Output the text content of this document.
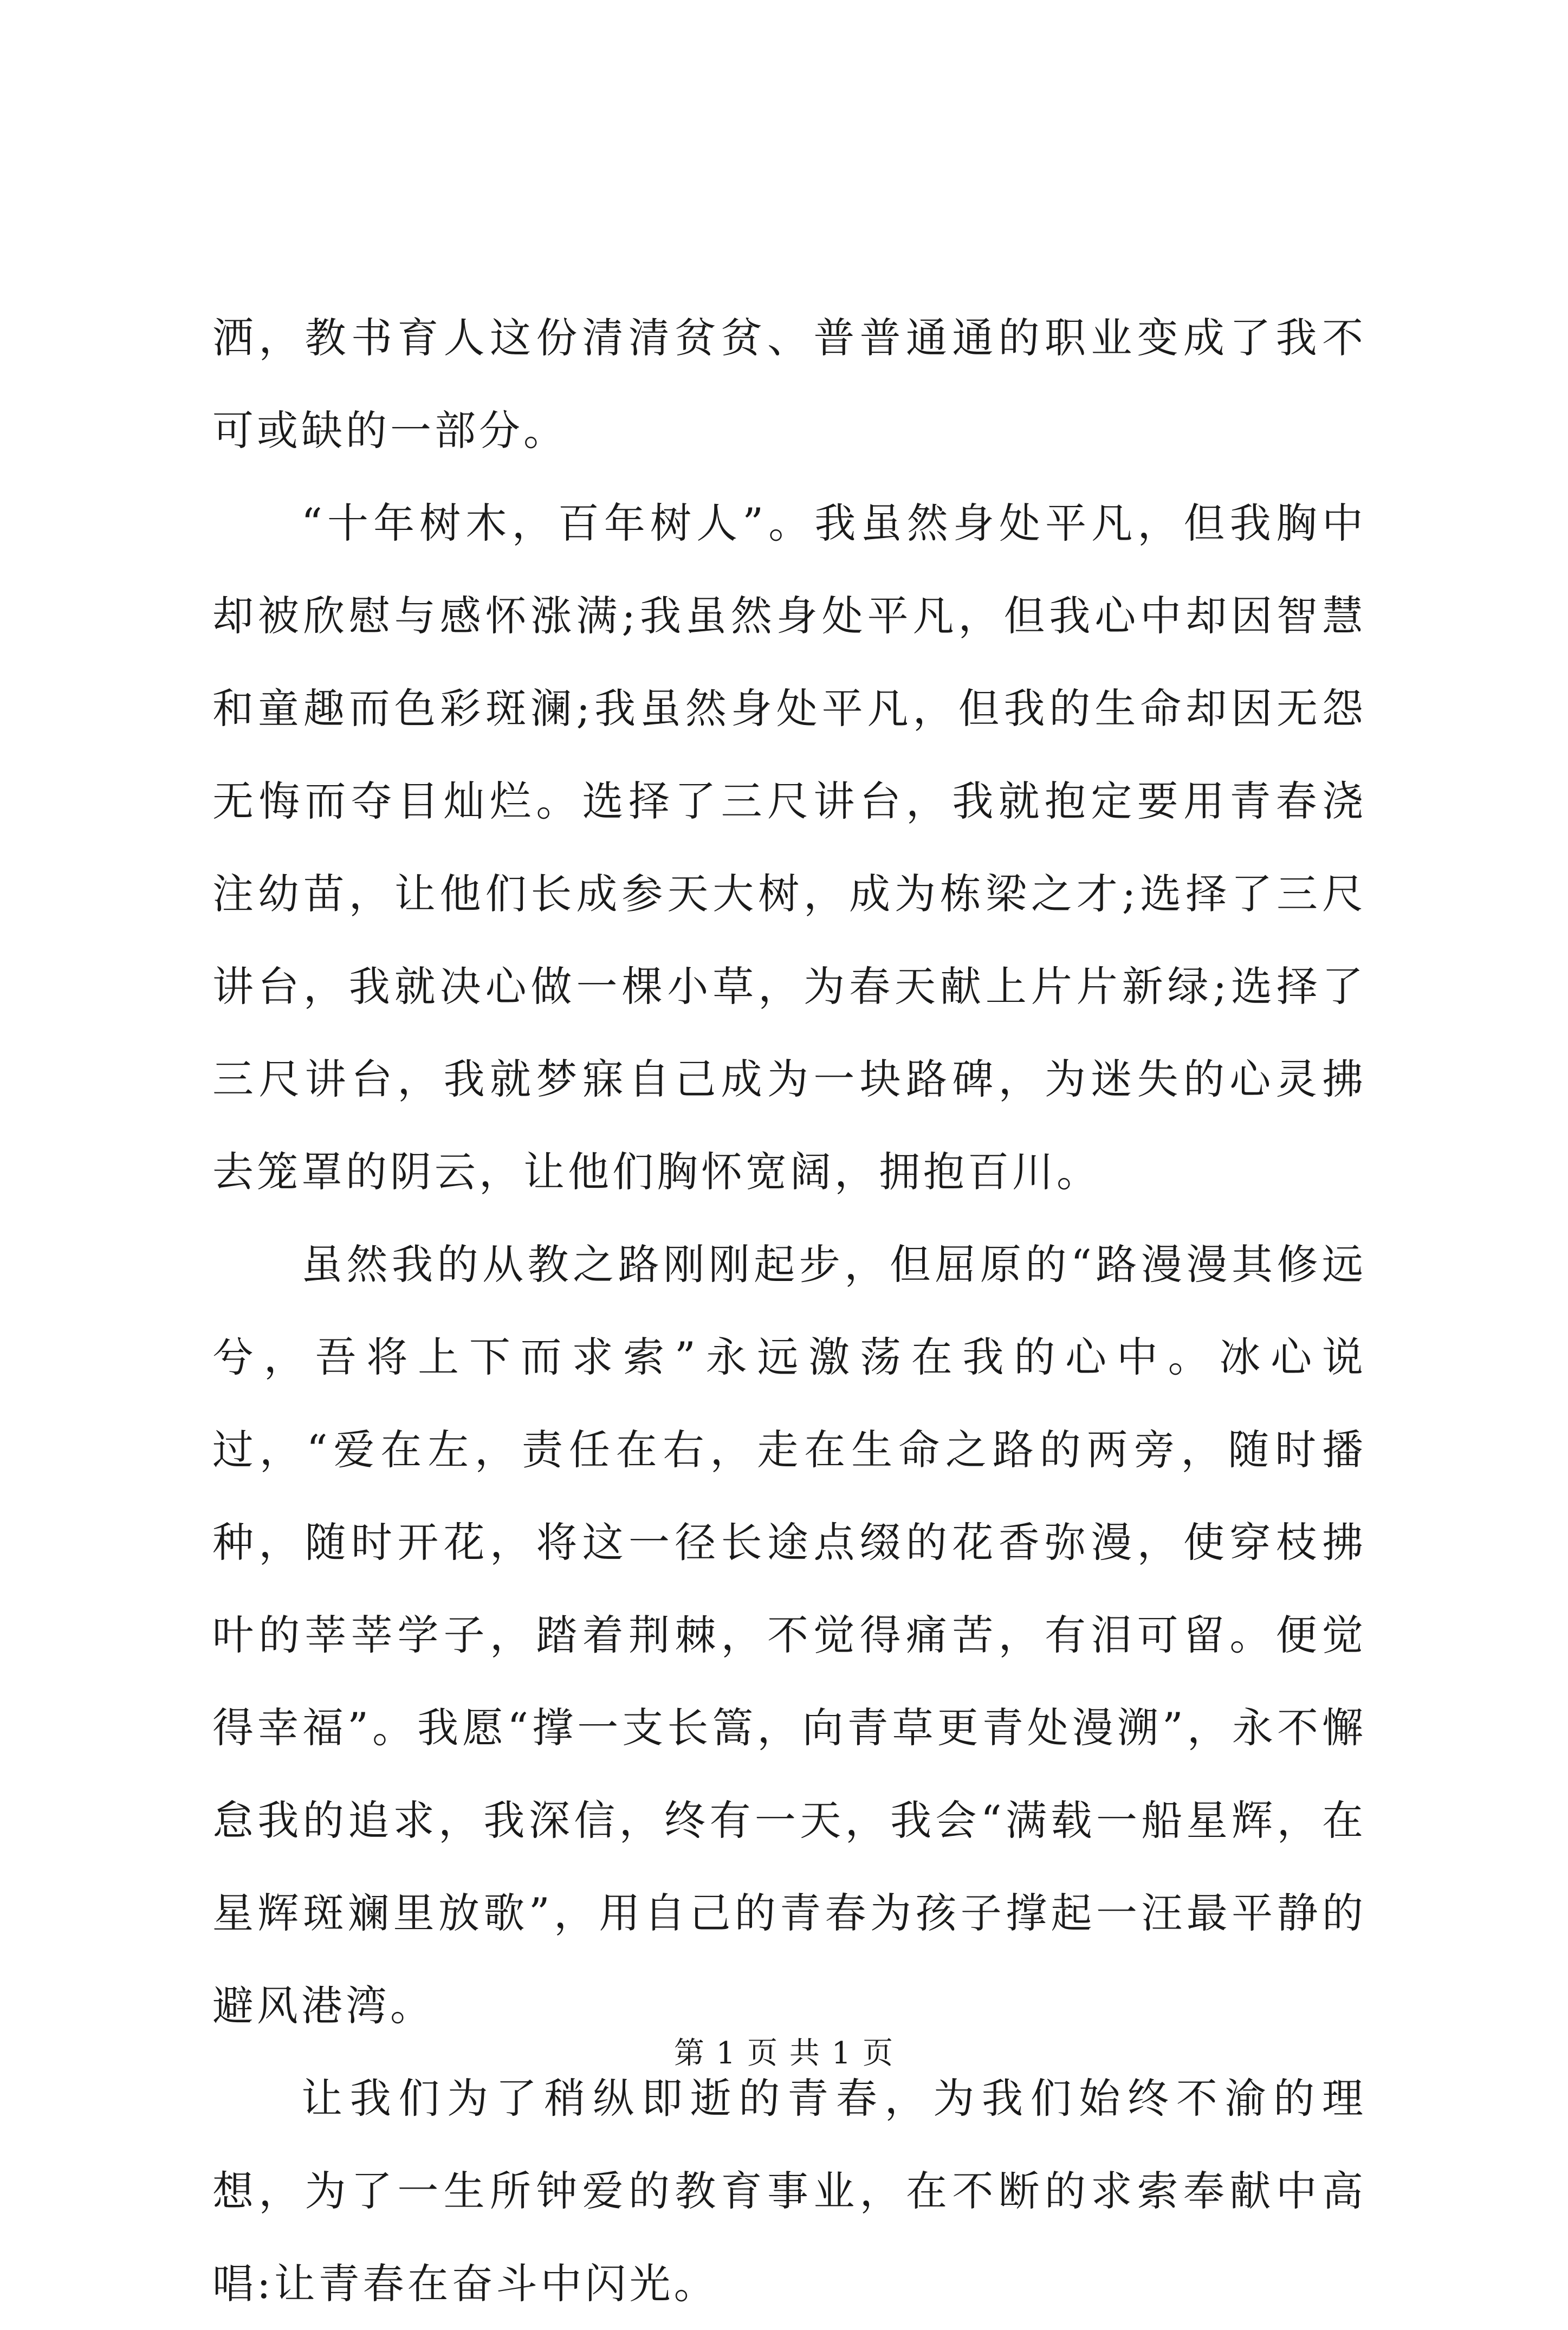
洒，教书育人这份清清贫贫、普普通通的职业变成了我不可或缺的一部分。

“十年树木，百年树人”。我虽然身处平凡，但我胸中却被欣慰与感怀涨满;我虽然身处平凡，但我心中却因智慧和童趣而色彩斑澜;我虽然身处平凡，但我的生命却因无怨无悔而夺目灿烂。选择了三尺讲台，我就抱定要用青春浇注幼苗，让他们长成参天大树，成为栋梁之才;选择了三尺讲台，我就决心做一棵小草，为春天献上片片新绿;选择了三尺讲台，我就梦寐自己成为一块路碑，为迷失的心灵拂去笼罩的阴云，让他们胸怀宽阔，拥抱百川。

虽然我的从教之路刚刚起步，但屈原的“路漫漫其修远兮，吾将上下而求索”永远激荡在我的心中。冰心说过，“爱在左，责任在右，走在生命之路的两旁，随时播种，随时开花，将这一径长途点缀的花香弥漫，使穿枝拂叶的莘莘学子，踏着荆棘，不觉得痛苦，有泪可留。便觉得幸福”。我愿“撑一支长篙，向青草更青处漫溯”，永不懈怠我的追求，我深信，终有一天，我会“满载一船星辉，在星辉斑斓里放歌”，用自己的青春为孩子撑起一汪最平静的避风港湾。

让我们为了稍纵即逝的青春，为我们始终不渝的理想，为了一生所钟爱的教育事业，在不断的求索奉献中高唱:让青春在奋斗中闪光。

第 1 页 共 1 页
